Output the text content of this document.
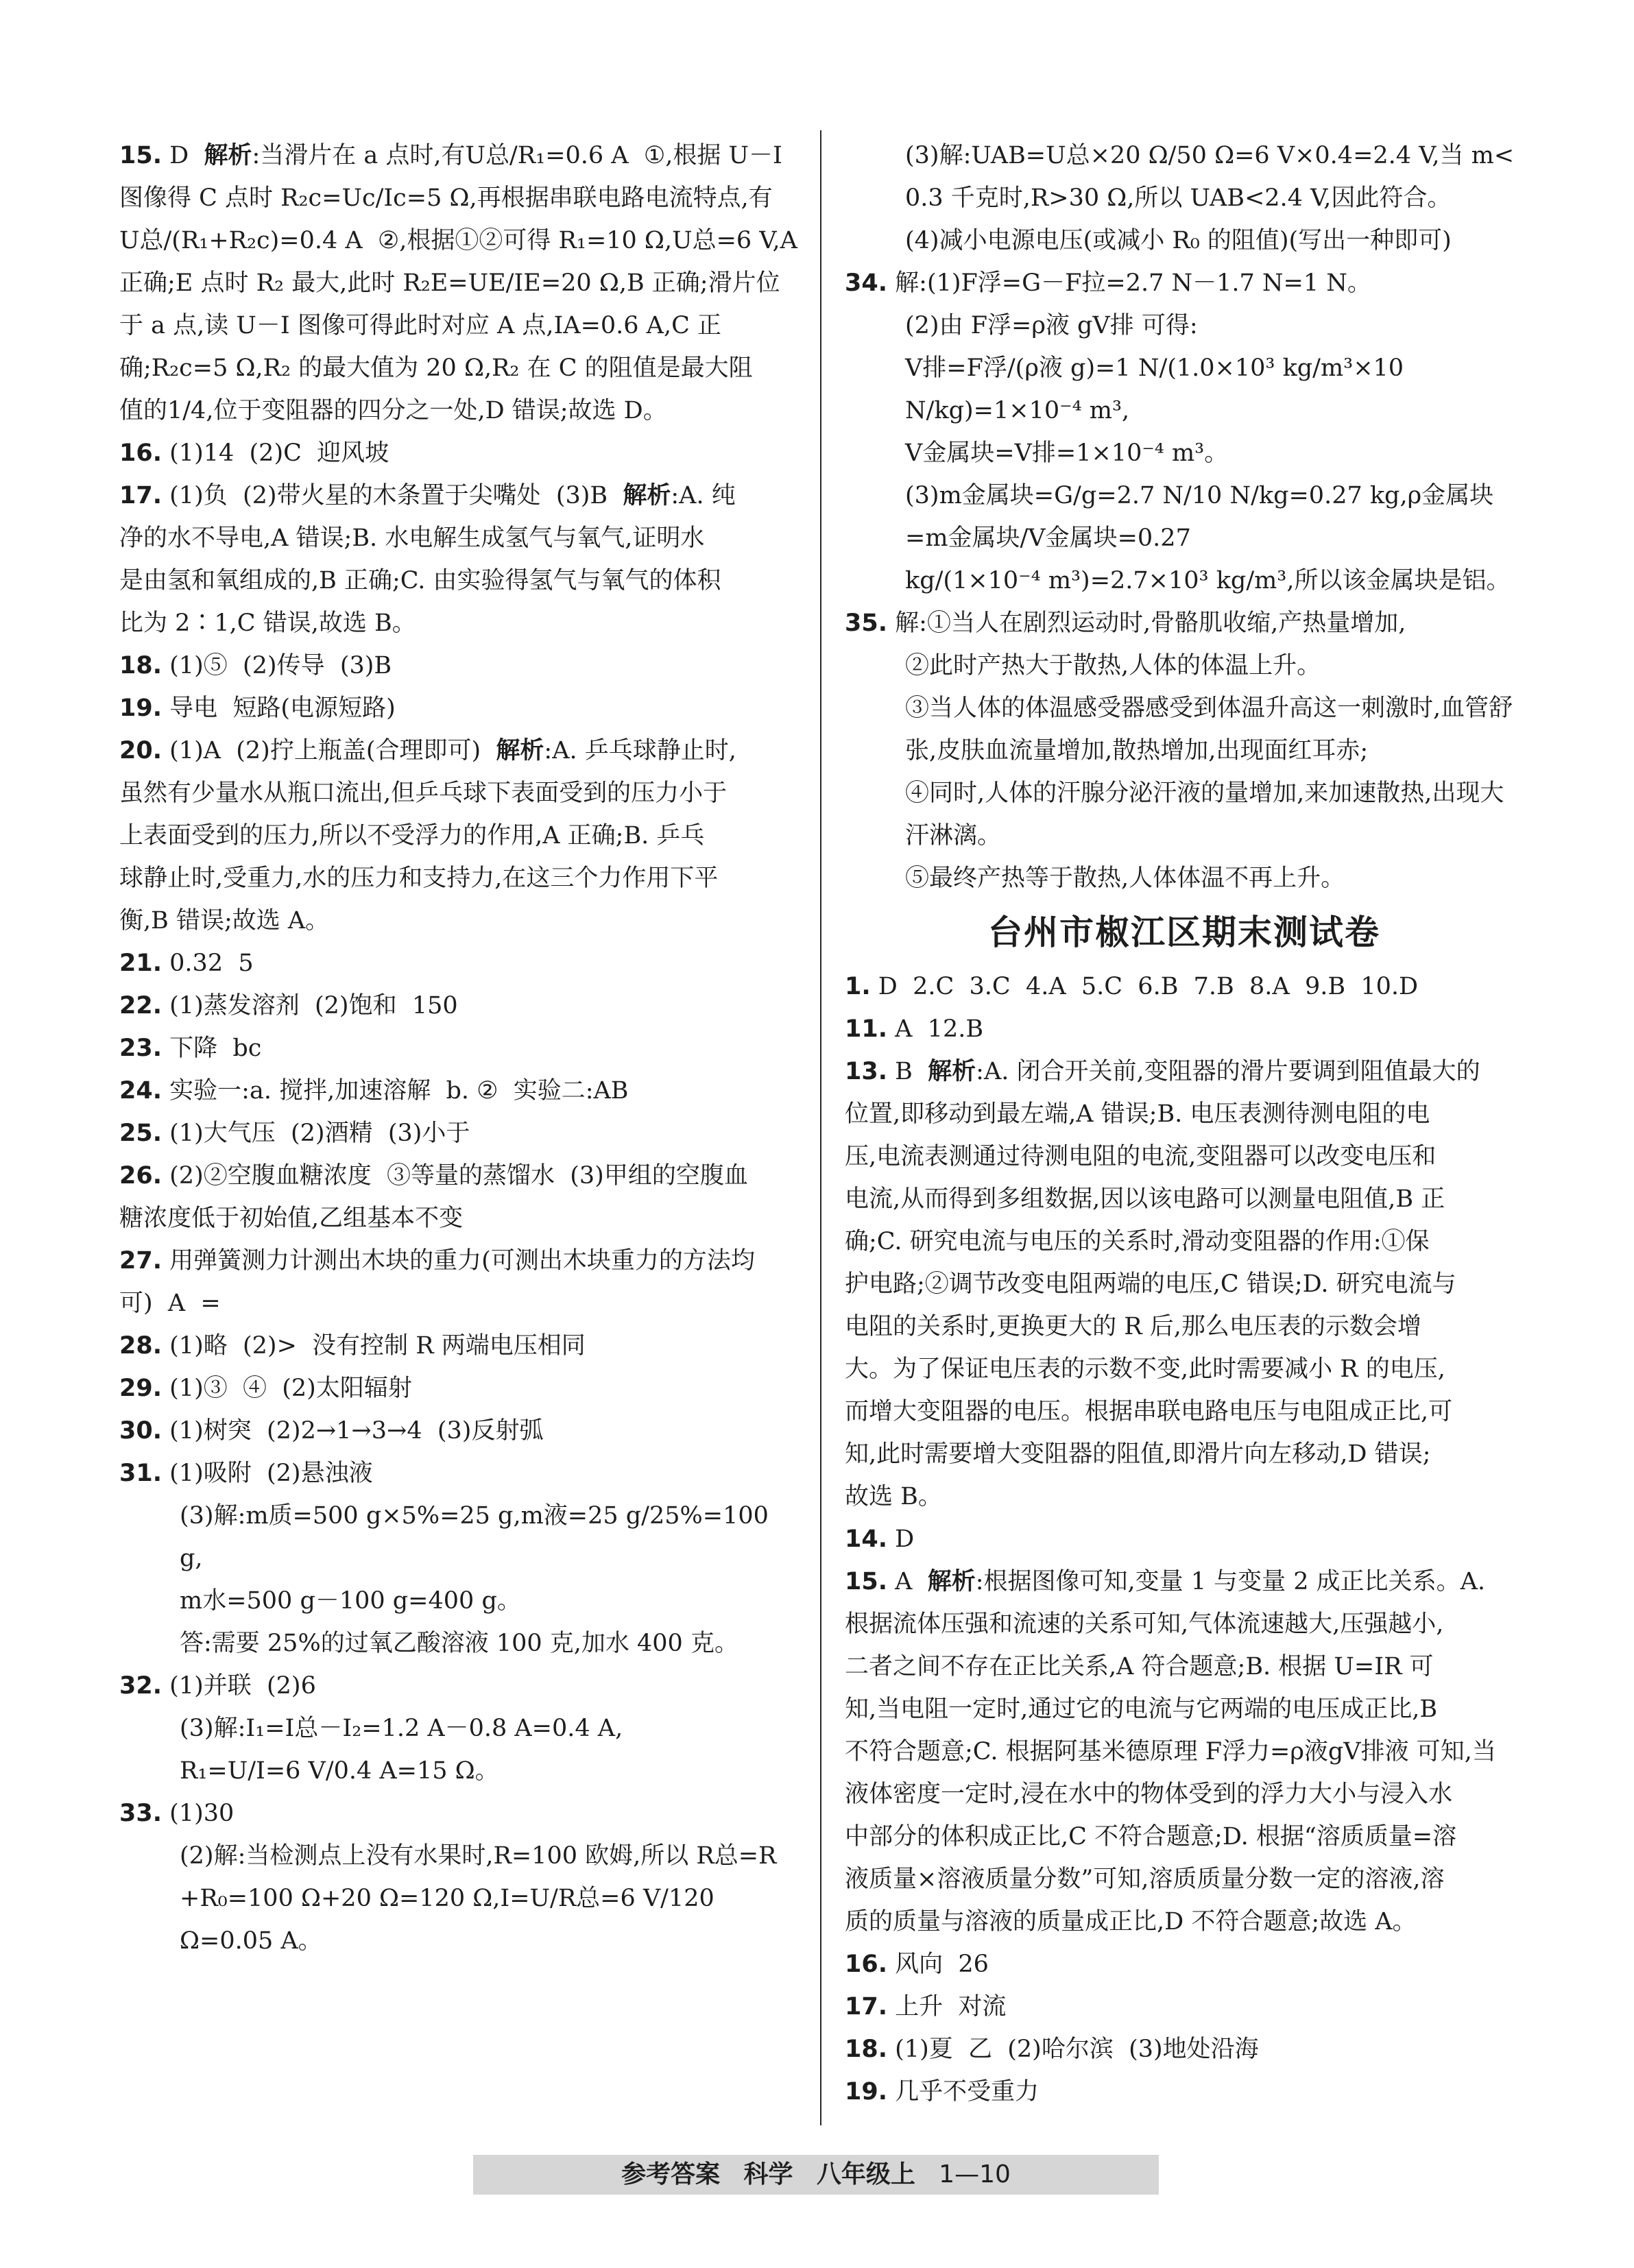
15. D  解析:当滑片在 a 点时,有U总/R₁=0.6 A  ①,根据 U－I

图像得 C 点时 R₂c=Uc/Ic=5 Ω,再根据串联电路电流特点,有

U总/(R₁+R₂c)=0.4 A  ②,根据①②可得 R₁=10 Ω,U总=6 V,A

正确;E 点时 R₂ 最大,此时 R₂E=UE/IE=20 Ω,B 正确;滑片位

于 a 点,读 U－I 图像可得此时对应 A 点,IA=0.6 A,C 正

确;R₂c=5 Ω,R₂ 的最大值为 20 Ω,R₂ 在 C 的阻值是最大阻

值的1/4,位于变阻器的四分之一处,D 错误;故选 D。

16. (1)14  (2)C  迎风坡

17. (1)负  (2)带火星的木条置于尖嘴处  (3)B  解析:A. 纯

净的水不导电,A 错误;B. 水电解生成氢气与氧气,证明水

是由氢和氧组成的,B 正确;C. 由实验得氢气与氧气的体积

比为 2∶1,C 错误,故选 B。

18. (1)⑤  (2)传导  (3)B

19. 导电  短路(电源短路)

20. (1)A  (2)拧上瓶盖(合理即可)  解析:A. 乒乓球静止时,

虽然有少量水从瓶口流出,但乒乓球下表面受到的压力小于

上表面受到的压力,所以不受浮力的作用,A 正确;B. 乒乓

球静止时,受重力,水的压力和支持力,在这三个力作用下平

衡,B 错误;故选 A。

21. 0.32  5

22. (1)蒸发溶剂  (2)饱和  150

23. 下降  bc

24. 实验一:a. 搅拌,加速溶解  b. ②  实验二:AB

25. (1)大气压  (2)酒精  (3)小于

26. (2)②空腹血糖浓度  ③等量的蒸馏水  (3)甲组的空腹血

糖浓度低于初始值,乙组基本不变

27. 用弹簧测力计测出木块的重力(可测出木块重力的方法均

可)  A  =

28. (1)略  (2)>  没有控制 R 两端电压相同

29. (1)③  ④  (2)太阳辐射

30. (1)树突  (2)2→1→3→4  (3)反射弧

31. (1)吸附  (2)悬浊液

(3)解:m质=500 g×5%=25 g,m液=25 g/25%=100 g,

m水=500 g－100 g=400 g。

答:需要 25%的过氧乙酸溶液 100 克,加水 400 克。

32. (1)并联  (2)6

(3)解:I₁=I总－I₂=1.2 A－0.8 A=0.4 A,

R₁=U/I=6 V/0.4 A=15 Ω。

33. (1)30

(2)解:当检测点上没有水果时,R=100 欧姆,所以 R总=R

+R₀=100 Ω+20 Ω=120 Ω,I=U/R总=6 V/120 Ω=0.05 A。

(3)解:UAB=U总×20 Ω/50 Ω=6 V×0.4=2.4 V,当 m<

0.3 千克时,R>30 Ω,所以 UAB<2.4 V,因此符合。

(4)减小电源电压(或减小 R₀ 的阻值)(写出一种即可)

34. 解:(1)F浮=G－F拉=2.7 N－1.7 N=1 N。

(2)由 F浮=ρ液 gV排 可得:

V排=F浮/(ρ液 g)=1 N/(1.0×10³ kg/m³×10 N/kg)=1×10⁻⁴ m³,

V金属块=V排=1×10⁻⁴ m³。

(3)m金属块=G/g=2.7 N/10 N/kg=0.27 kg,ρ金属块=m金属块/V金属块=0.27

kg/(1×10⁻⁴ m³)=2.7×10³ kg/m³,所以该金属块是铝。

35. 解:①当人在剧烈运动时,骨骼肌收缩,产热量增加,

②此时产热大于散热,人体的体温上升。

③当人体的体温感受器感受到体温升高这一刺激时,血管舒

张,皮肤血流量增加,散热增加,出现面红耳赤;

④同时,人体的汗腺分泌汗液的量增加,来加速散热,出现大

汗淋漓。

⑤最终产热等于散热,人体体温不再上升。

台州市椒江区期末测试卷

1. D  2.C  3.C  4.A  5.C  6.B  7.B  8.A  9.B  10.D

11. A  12.B

13. B  解析:A. 闭合开关前,变阻器的滑片要调到阻值最大的

位置,即移动到最左端,A 错误;B. 电压表测待测电阻的电

压,电流表测通过待测电阻的电流,变阻器可以改变电压和

电流,从而得到多组数据,因以该电路可以测量电阻值,B 正

确;C. 研究电流与电压的关系时,滑动变阻器的作用:①保

护电路;②调节改变电阻两端的电压,C 错误;D. 研究电流与

电阻的关系时,更换更大的 R 后,那么电压表的示数会增

大。为了保证电压表的示数不变,此时需要减小 R 的电压,

而增大变阻器的电压。根据串联电路电压与电阻成正比,可

知,此时需要增大变阻器的阻值,即滑片向左移动,D 错误;

故选 B。

14. D

15. A  解析:根据图像可知,变量 1 与变量 2 成正比关系。A.

根据流体压强和流速的关系可知,气体流速越大,压强越小,

二者之间不存在正比关系,A 符合题意;B. 根据 U=IR 可

知,当电阻一定时,通过它的电流与它两端的电压成正比,B

不符合题意;C. 根据阿基米德原理 F浮力=ρ液gV排液 可知,当

液体密度一定时,浸在水中的物体受到的浮力大小与浸入水

中部分的体积成正比,C 不符合题意;D. 根据“溶质质量=溶

液质量×溶液质量分数”可知,溶质质量分数一定的溶液,溶

质的质量与溶液的质量成正比,D 不符合题意;故选 A。

16. 风向  26

17. 上升  对流

18. (1)夏  乙  (2)哈尔滨  (3)地处沿海

19. 几乎不受重力

参考答案 科学 八年级上 1—10
